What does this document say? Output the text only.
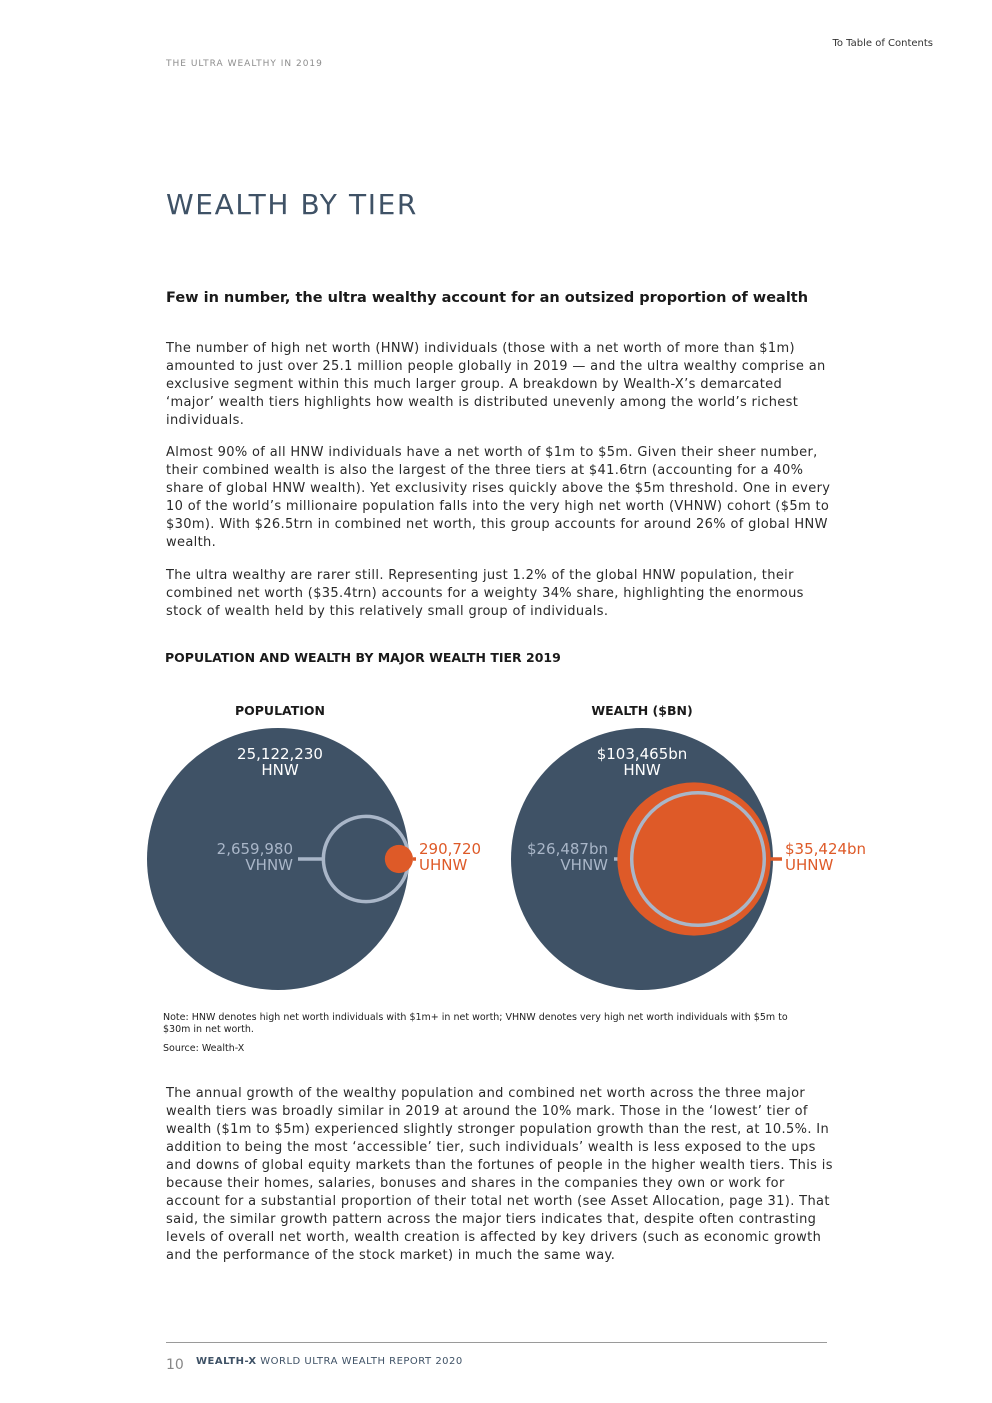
To Table of Contents
THE ULTRA WEALTHY IN 2019
WEALTH BY TIER
Few in number, the ultra wealthy account for an outsized proportion of wealth

The number of high net worth (HNW) individuals (those with a net worth of more than $1m) amounted to just over 25.1 million people globally in 2019 — and the ultra wealthy comprise an exclusive segment within this much larger group. A breakdown by Wealth-X’s demarcated ‘major’ wealth tiers highlights how wealth is distributed unevenly among the world’s richest individuals.

Almost 90% of all HNW individuals have a net worth of $1m to $5m. Given their sheer number, their combined wealth is also the largest of the three tiers at $41.6trn (accounting for a 40% share of global HNW wealth). Yet exclusivity rises quickly above the $5m threshold. One in every 10 of the world’s millionaire population falls into the very high net worth (VHNW) cohort ($5m to $30m). With $26.5trn in combined net worth, this group accounts for around 26% of global HNW wealth.

The ultra wealthy are rarer still. Representing just 1.2% of the global HNW population, their combined net worth ($35.4trn) accounts for a weighty 34% share, highlighting the enormous stock of wealth held by this relatively small group of individuals.

POPULATION AND WEALTH BY MAJOR WEALTH TIER 2019
POPULATION
25,122,230
HNW
2,659,980
VHNW
290,720
UHNW
WEALTH ($BN)
$103,465bn
HNW
$26,487bn
VHNW
$35,424bn
UHNW

Note: HNW denotes high net worth individuals with $1m+ in net worth; VHNW denotes very high net worth individuals with $5m to $30m in net worth.

Source: Wealth-X

The annual growth of the wealthy population and combined net worth across the three major wealth tiers was broadly similar in 2019 at around the 10% mark. Those in the ‘lowest’ tier of wealth ($1m to $5m) experienced slightly stronger population growth than the rest, at 10.5%. In addition to being the most ‘accessible’ tier, such individuals’ wealth is less exposed to the ups and downs of global equity markets than the fortunes of people in the higher wealth tiers. This is because their homes, salaries, bonuses and shares in the companies they own or work for account for a substantial proportion of their total net worth (see Asset Allocation, page 31). That said, the similar growth pattern across the major tiers indicates that, despite often contrasting levels of overall net worth, wealth creation is affected by key drivers (such as economic growth and the performance of the stock market) in much the same way.

10 WEALTH-X WORLD ULTRA WEALTH REPORT 2020
